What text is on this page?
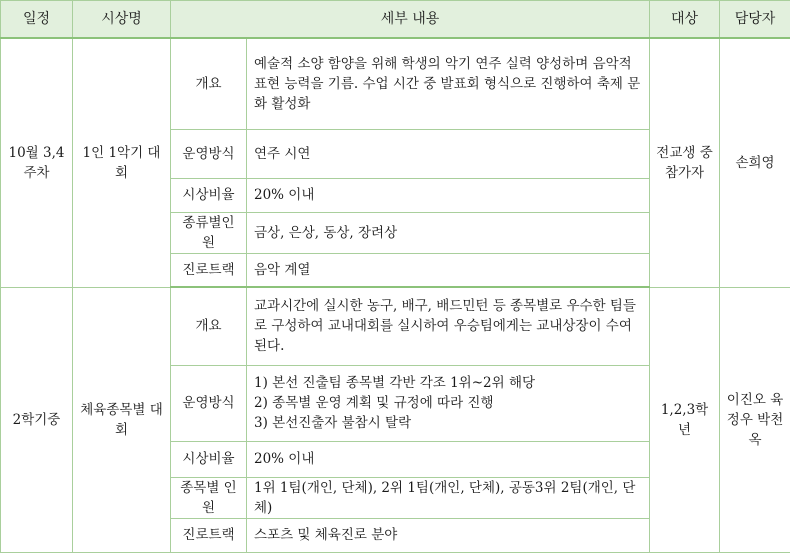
일정	시상명	세부 내용		대상	담당자
10월 3,4주차	1인 1악기 대회	개요	예술적 소양 함양을 위해 학생의 악기 연주 실력 양성하며 음악적 표현 능력을 기름. 수업 시간 중 발표회 형식으로 진행하여 축제 문화 활성화	전교생 중 참가자	손희영
		운영방식	연주 시연		
		시상비율	20% 이내		
		종류별인원	금상, 은상, 동상, 장려상		
		진로트랙	음악 계열		
2학기중	체육종목별 대회	개요	교과시간에 실시한 농구, 배구, 배드민턴 등 종목별로 우수한 팀들로 구성하여 교내대회를 실시하여 우승팀에게는 교내상장이 수여된다.	1,2,3학년	이진오 육정우 박천옥
		운영방식	1) 본선 진출팀 종목별 각반 각조 1위~2위 해당
2) 종목별 운영 계획 및 규정에 따라 진행
3) 본선진출자 불참시 탈락		

		시상비율	20% 이내		
		종목별 인원	1위 1팀(개인, 단체), 2위 1팀(개인, 단체), 공동3위 2팀(개인, 단체)		
		진로트랙	스포츠 및 체육진로 분야		
